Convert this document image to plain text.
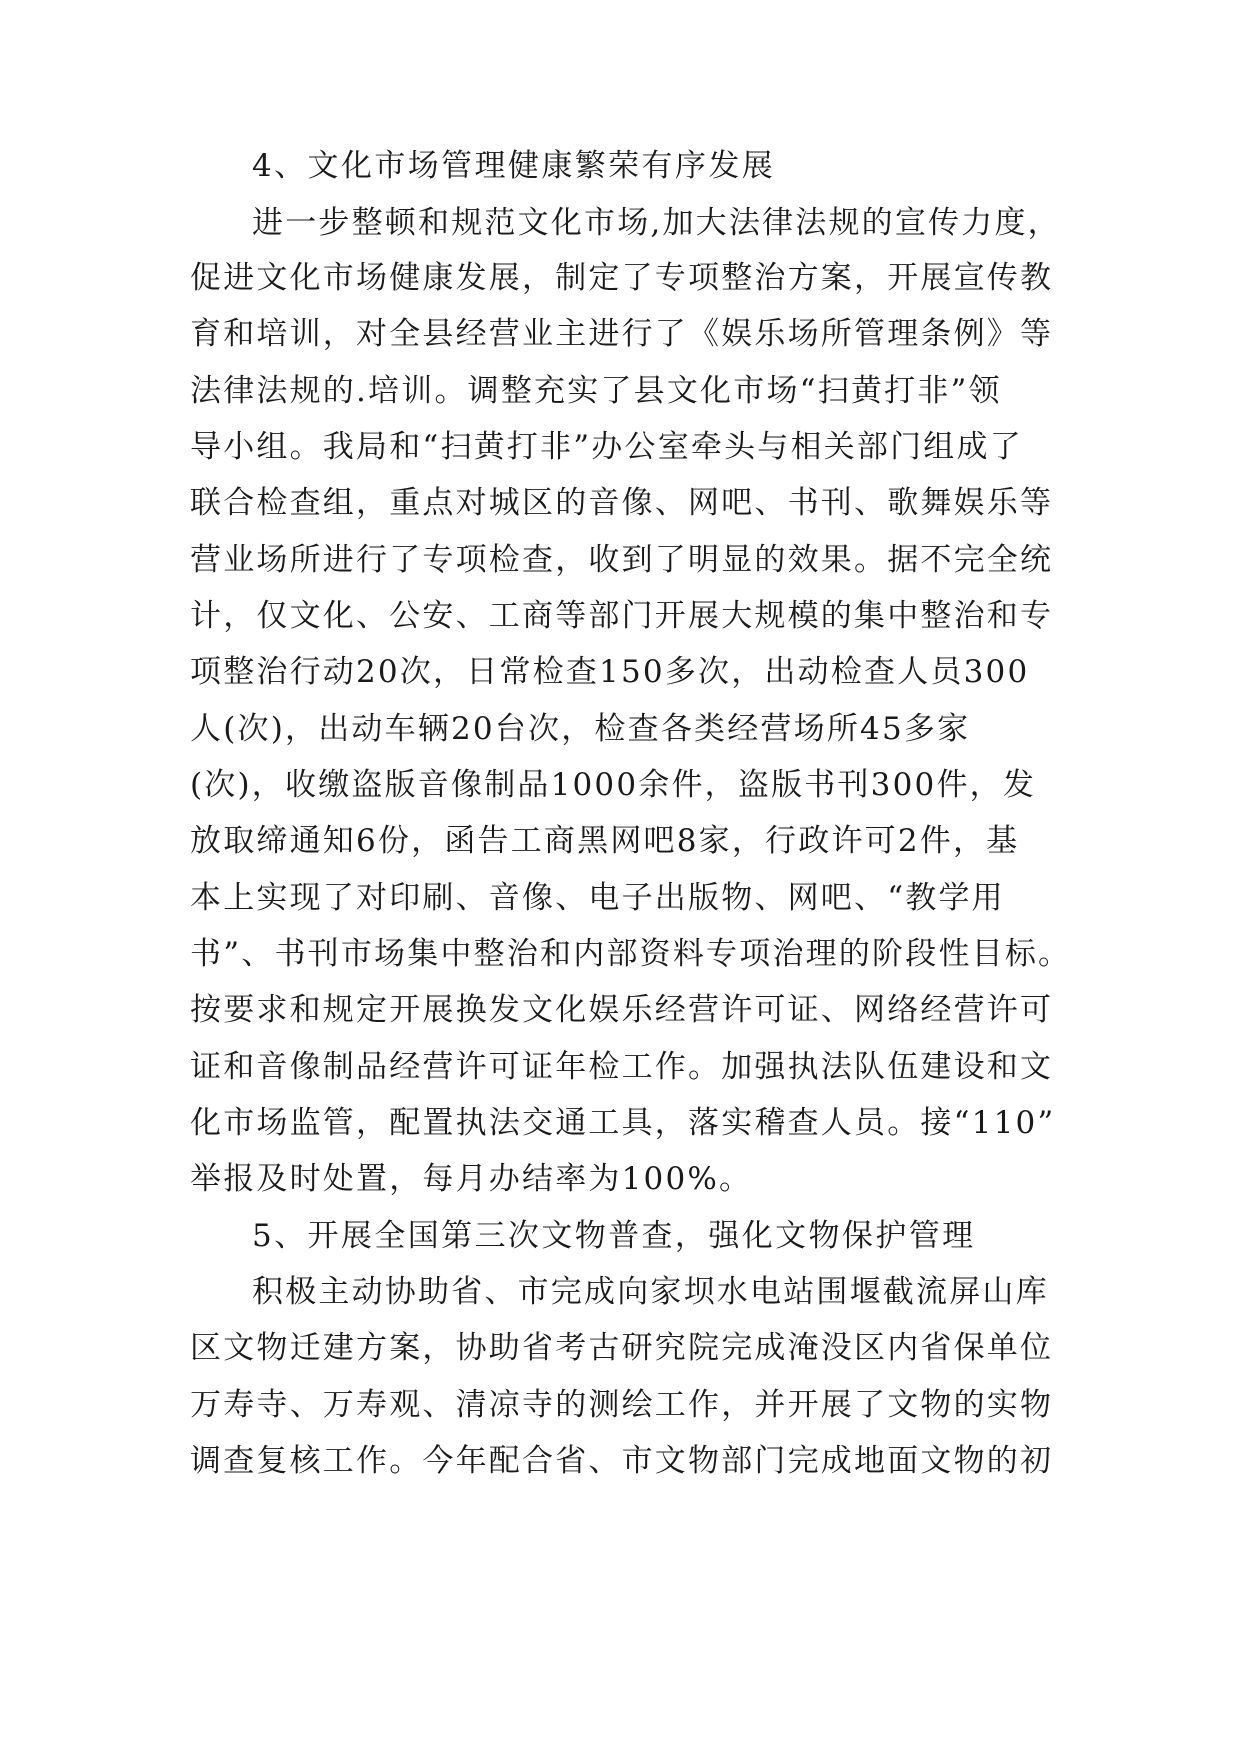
4、文化市场管理健康繁荣有序发展
进一步整顿和规范文化市场,加大法律法规的宣传力度，
促进文化市场健康发展，制定了专项整治方案，开展宣传教
育和培训，对全县经营业主进行了《娱乐场所管理条例》等
法律法规的.培训。调整充实了县文化市场“扫黄打非”领
导小组。我局和“扫黄打非”办公室牵头与相关部门组成了
联合检查组，重点对城区的音像、网吧、书刊、歌舞娱乐等
营业场所进行了专项检查，收到了明显的效果。据不完全统
计，仅文化、公安、工商等部门开展大规模的集中整治和专
项整治行动20次，日常检查150多次，出动检查人员300
人(次)，出动车辆20台次，检查各类经营场所45多家
(次)，收缴盗版音像制品1000余件，盗版书刊300件，发
放取缔通知6份，函告工商黑网吧8家，行政许可2件，基
本上实现了对印刷、音像、电子出版物、网吧、“教学用
书”、书刊市场集中整治和内部资料专项治理的阶段性目标。
按要求和规定开展换发文化娱乐经营许可证、网络经营许可
证和音像制品经营许可证年检工作。加强执法队伍建设和文
化市场监管，配置执法交通工具，落实稽查人员。接“110”
举报及时处置，每月办结率为100%。
5、开展全国第三次文物普查，强化文物保护管理
积极主动协助省、市完成向家坝水电站围堰截流屏山库
区文物迁建方案，协助省考古研究院完成淹没区内省保单位
万寿寺、万寿观、清凉寺的测绘工作，并开展了文物的实物
调查复核工作。今年配合省、市文物部门完成地面文物的初
